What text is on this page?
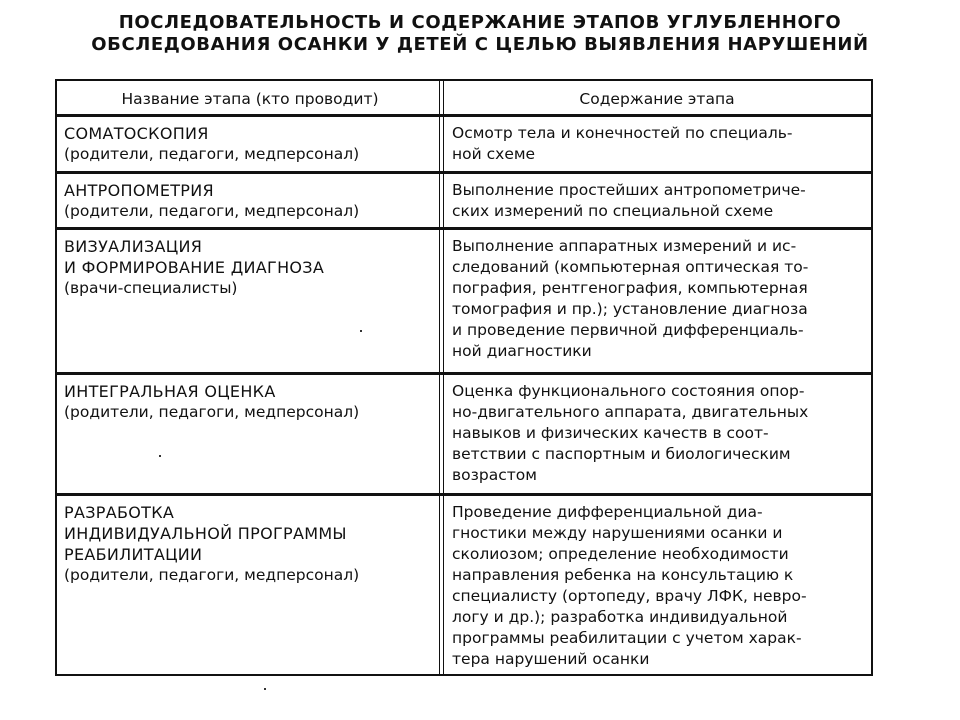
ПОСЛЕДОВАТЕЛЬНОСТЬ И СОДЕРЖАНИЕ ЭТАПОВ УГЛУБЛЕННОГО
ОБСЛЕДОВАНИЯ ОСАНКИ У ДЕТЕЙ С ЦЕЛЬЮ ВЫЯВЛЕНИЯ НАРУШЕНИЙ
Название этапа (кто проводит)	Содержание этапа
СОМАТОСКОПИЯ
(родители, педагоги, медперсонал)
Осмотр тела и конечностей по специаль-
ной схеме
АНТРОПОМЕТРИЯ
(родители, педагоги, медперсонал)
Выполнение простейших антропометриче-
ских измерений по специальной схеме
ВИЗУАЛИЗАЦИЯ
И ФОРМИРОВАНИЕ ДИАГНОЗА
(врачи-специалисты)
Выполнение аппаратных измерений и ис-
следований (компьютерная оптическая то-
пография, рентгенография, компьютерная
томография и пр.); установление диагноза
и проведение первичной дифференциаль-
ной диагностики
ИНТЕГРАЛЬНАЯ ОЦЕНКА
(родители, педагоги, медперсонал)
Оценка функционального состояния опор-
но-двигательного аппарата, двигательных
навыков и физических качеств в соот-
ветствии с паспортным и биологическим
возрастом
РАЗРАБОТКА
ИНДИВИДУАЛЬНОЙ ПРОГРАММЫ
РЕАБИЛИТАЦИИ
(родители, педагоги, медперсонал)
Проведение дифференциальной диа-
гностики между нарушениями осанки и
сколиозом; определение необходимости
направления ребенка на консультацию к
специалисту (ортопеду, врачу ЛФК, невро-
логу и др.); разработка индивидуальной
программы реабилитации с учетом харак-
тера нарушений осанки
